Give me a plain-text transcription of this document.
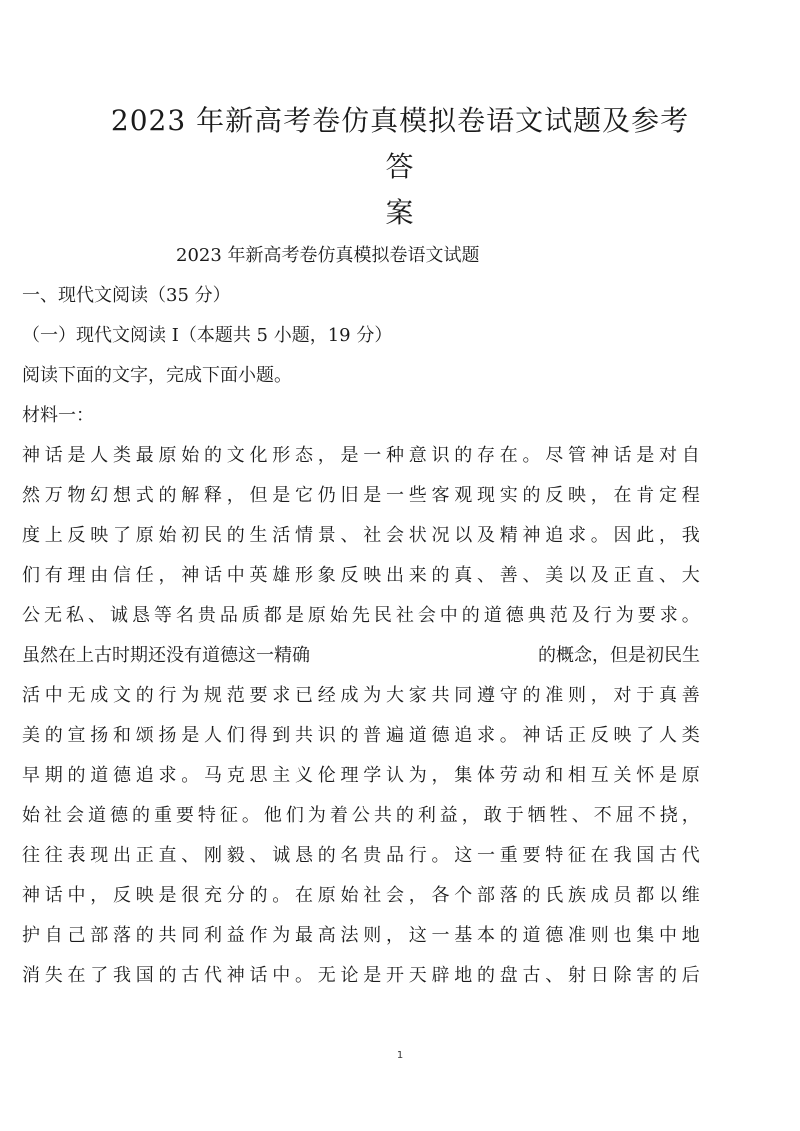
2023 年新高考卷仿真模拟卷语文试题及参考答
案
2023 年新高考卷仿真模拟卷语文试题
一、现代文阅读（35 分）
（一）现代文阅读 I（本题共 5 小题，19 分）
阅读下面的文字，完成下面小题。
材料一：
神话是人类最原始的文化形态，是一种意识的存在。尽管神话是对自
然万物幻想式的解释，但是它仍旧是一些客观现实的反映，在肯定程
度上反映了原始初民的生活情景、社会状况以及精神追求。因此，我
们有理由信任，神话中英雄形象反映出来的真、善、美以及正直、大
公无私、诚恳等名贵品质都是原始先民社会中的道德典范及行为要求。
虽然在上古时期还没有道德这一精确	的概念，但是初民生
活中无成文的行为规范要求已经成为大家共同遵守的准则，对于真善
美的宣扬和颂扬是人们得到共识的普遍道德追求。神话正反映了人类
早期的道德追求。马克思主义伦理学认为，集体劳动和相互关怀是原
始社会道德的重要特征。他们为着公共的利益，敢于牺牲、不屈不挠，
往往表现出正直、刚毅、诚恳的名贵品行。这一重要特征在我国古代
神话中，反映是很充分的。在原始社会，各个部落的氏族成员都以维
护自己部落的共同利益作为最高法则，这一基本的道德准则也集中地
消失在了我国的古代神话中。无论是开天辟地的盘古、射日除害的后
1
